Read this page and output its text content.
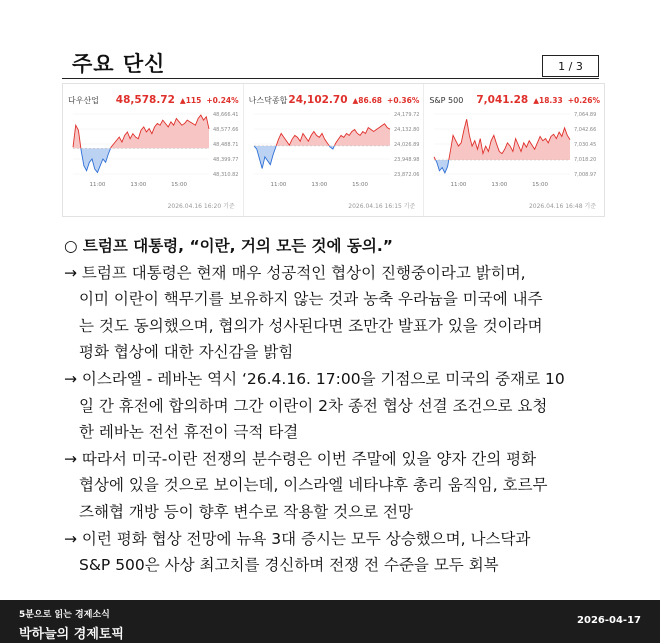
주요 단신	1 / 3
다우산업 48,578.72 ▲115 +0.24%
48,666.41
48,577.66
48,488.71
48,399.77
48,310.82
11:00	13:00	15:00
2026.04.16 16:20 기준
나스닥종합 24,102.70 ▲86.68 +0.36%
24,179.72
24,132.80
24,026.89
23,948.98
23,872.06
11:00	13:00	15:00
2026.04.16 16:15 기준
S&P 500 7,041.28 ▲18.33 +0.26%
7,064.89
7,042.66
7,030.45
7,018.20
7,008.97
11:00	13:00	15:00
2026.04.16 16:48 기준
○ 트럼프 대통령, “이란, 거의 모든 것에 동의.”
→ 트럼프 대통령은 현재 매우 성공적인 협상이 진행중이라고 밝히며,
이미 이란이 핵무기를 보유하지 않는 것과 농축 우라늄을 미국에 내주
는 것도 동의했으며, 협의가 성사된다면 조만간 발표가 있을 것이라며
평화 협상에 대한 자신감을 밝힘
→ 이스라엘 - 레바논 역시 ‘26.4.16. 17:00을 기점으로 미국의 중재로 10
일 간 휴전에 합의하며 그간 이란이 2차 종전 협상 선결 조건으로 요청
한 레바논 전선 휴전이 극적 타결
→ 따라서 미국-이란 전쟁의 분수령은 이번 주말에 있을 양자 간의 평화
협상에 있을 것으로 보이는데, 이스라엘 네타냐후 총리 움직임, 호르무
즈해협 개방 등이 향후 변수로 작용할 것으로 전망
→ 이런 평화 협상 전망에 뉴욕 3대 증시는 모두 상승했으며, 나스닥과
S&P 500은 사상 최고치를 경신하며 전쟁 전 수준을 모두 회복
5분으로 읽는 경제소식
박하늘의 경제토픽
2026-04-17
